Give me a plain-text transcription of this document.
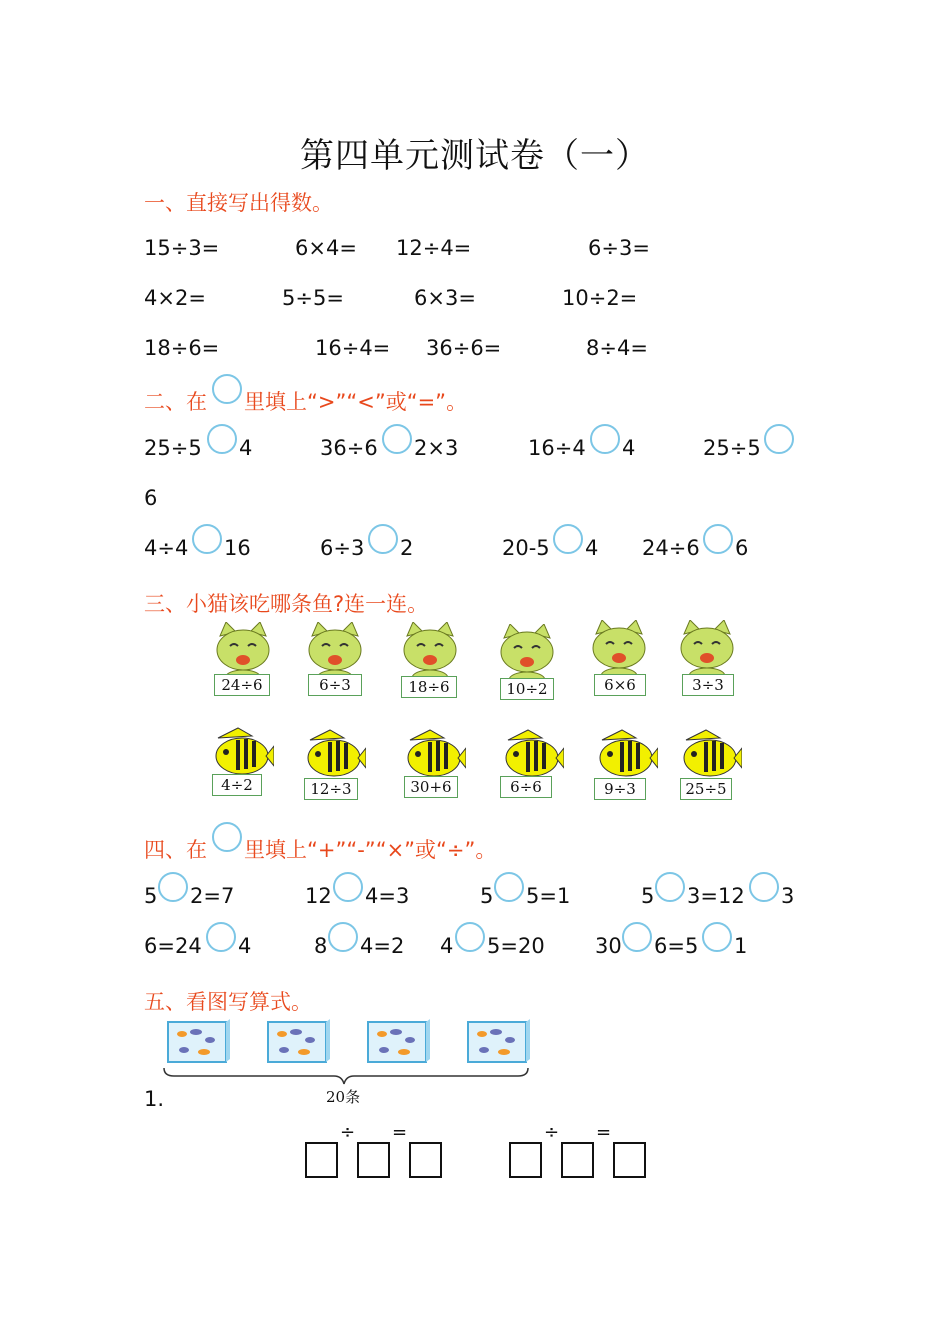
第四单元测试卷（一）
一、直接写出得数。
15÷3=	6×4= 12÷4=	6÷3=
4×2=	5÷5=	6×3=	10÷2=
18÷6=	16÷4= 36÷6=	8÷4=
二、在 里填上“>”“<”或“=”。
25÷5 4	36÷6 2×3	16÷4 4	25÷5
6
4÷4 16	6÷3 2	20-5 4 24÷6 6
三、小猫该吃哪条鱼?连一连。
24÷6	6÷3	18÷6	10÷2	6×6	3÷3
4÷2	12÷3	30+6	6÷6	9÷3	25÷5
四、在 里填上“+”“-”“×”或“÷”。
5 2=7	12 4=3	5 5=1	5 3=12 3
6=24 4	8 4=2 4 5=20 30 6=5 1
五、看图写算式。
20条
1.
÷ =	÷ =
